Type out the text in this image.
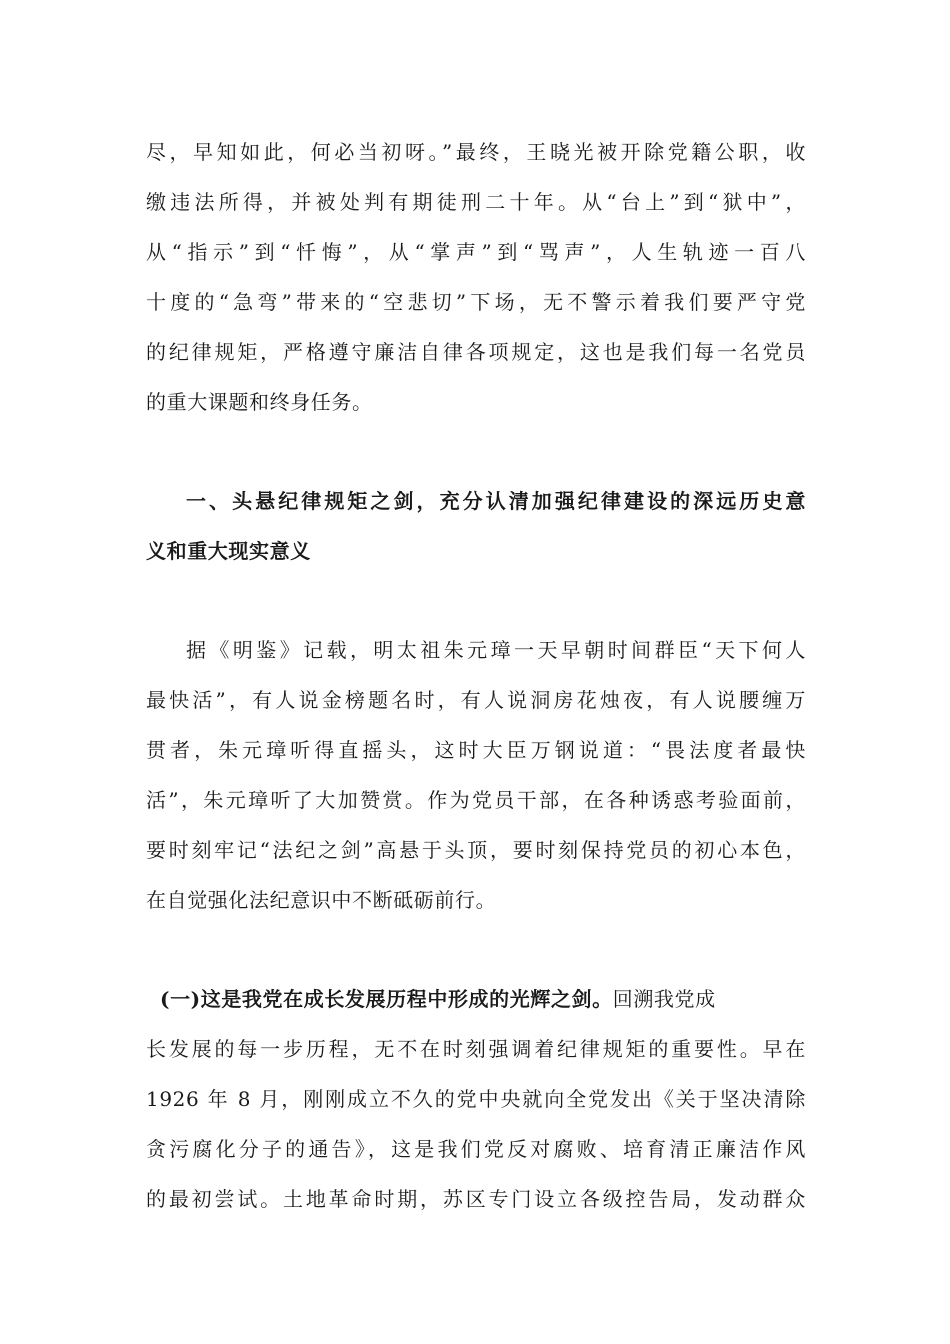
尽，早知如此，何必当初呀。”最终，王晓光被开除党籍公职，收
缴违法所得，并被处判有期徒刑二十年。从“台上”到“狱中”，
从“指示”到“忏悔”，从“掌声”到“骂声”，人生轨迹一百八
十度的“急弯”带来的“空悲切”下场，无不警示着我们要严守党
的纪律规矩，严格遵守廉洁自律各项规定，这也是我们每一名党员
的重大课题和终身任务。
一、头悬纪律规矩之剑，充分认清加强纪律建设的深远历史意
义和重大现实意义
据《明鉴》记载，明太祖朱元璋一天早朝时间群臣“天下何人
最快活”，有人说金榜题名时，有人说洞房花烛夜，有人说腰缠万
贯者，朱元璋听得直摇头，这时大臣万钢说道：“畏法度者最快
活”，朱元璋听了大加赞赏。作为党员干部，在各种诱惑考验面前，
要时刻牢记“法纪之剑”高悬于头顶，要时刻保持党员的初心本色，
在自觉强化法纪意识中不断砥砺前行。
(一)这是我党在成长发展历程中形成的光辉之剑。回溯我党成
长发展的每一步历程，无不在时刻强调着纪律规矩的重要性。早在
1926 年 8 月，刚刚成立不久的党中央就向全党发出《关于坚决清除
贪污腐化分子的通告》，这是我们党反对腐败、培育清正廉洁作风
的最初尝试。土地革命时期，苏区专门设立各级控告局，发动群众
